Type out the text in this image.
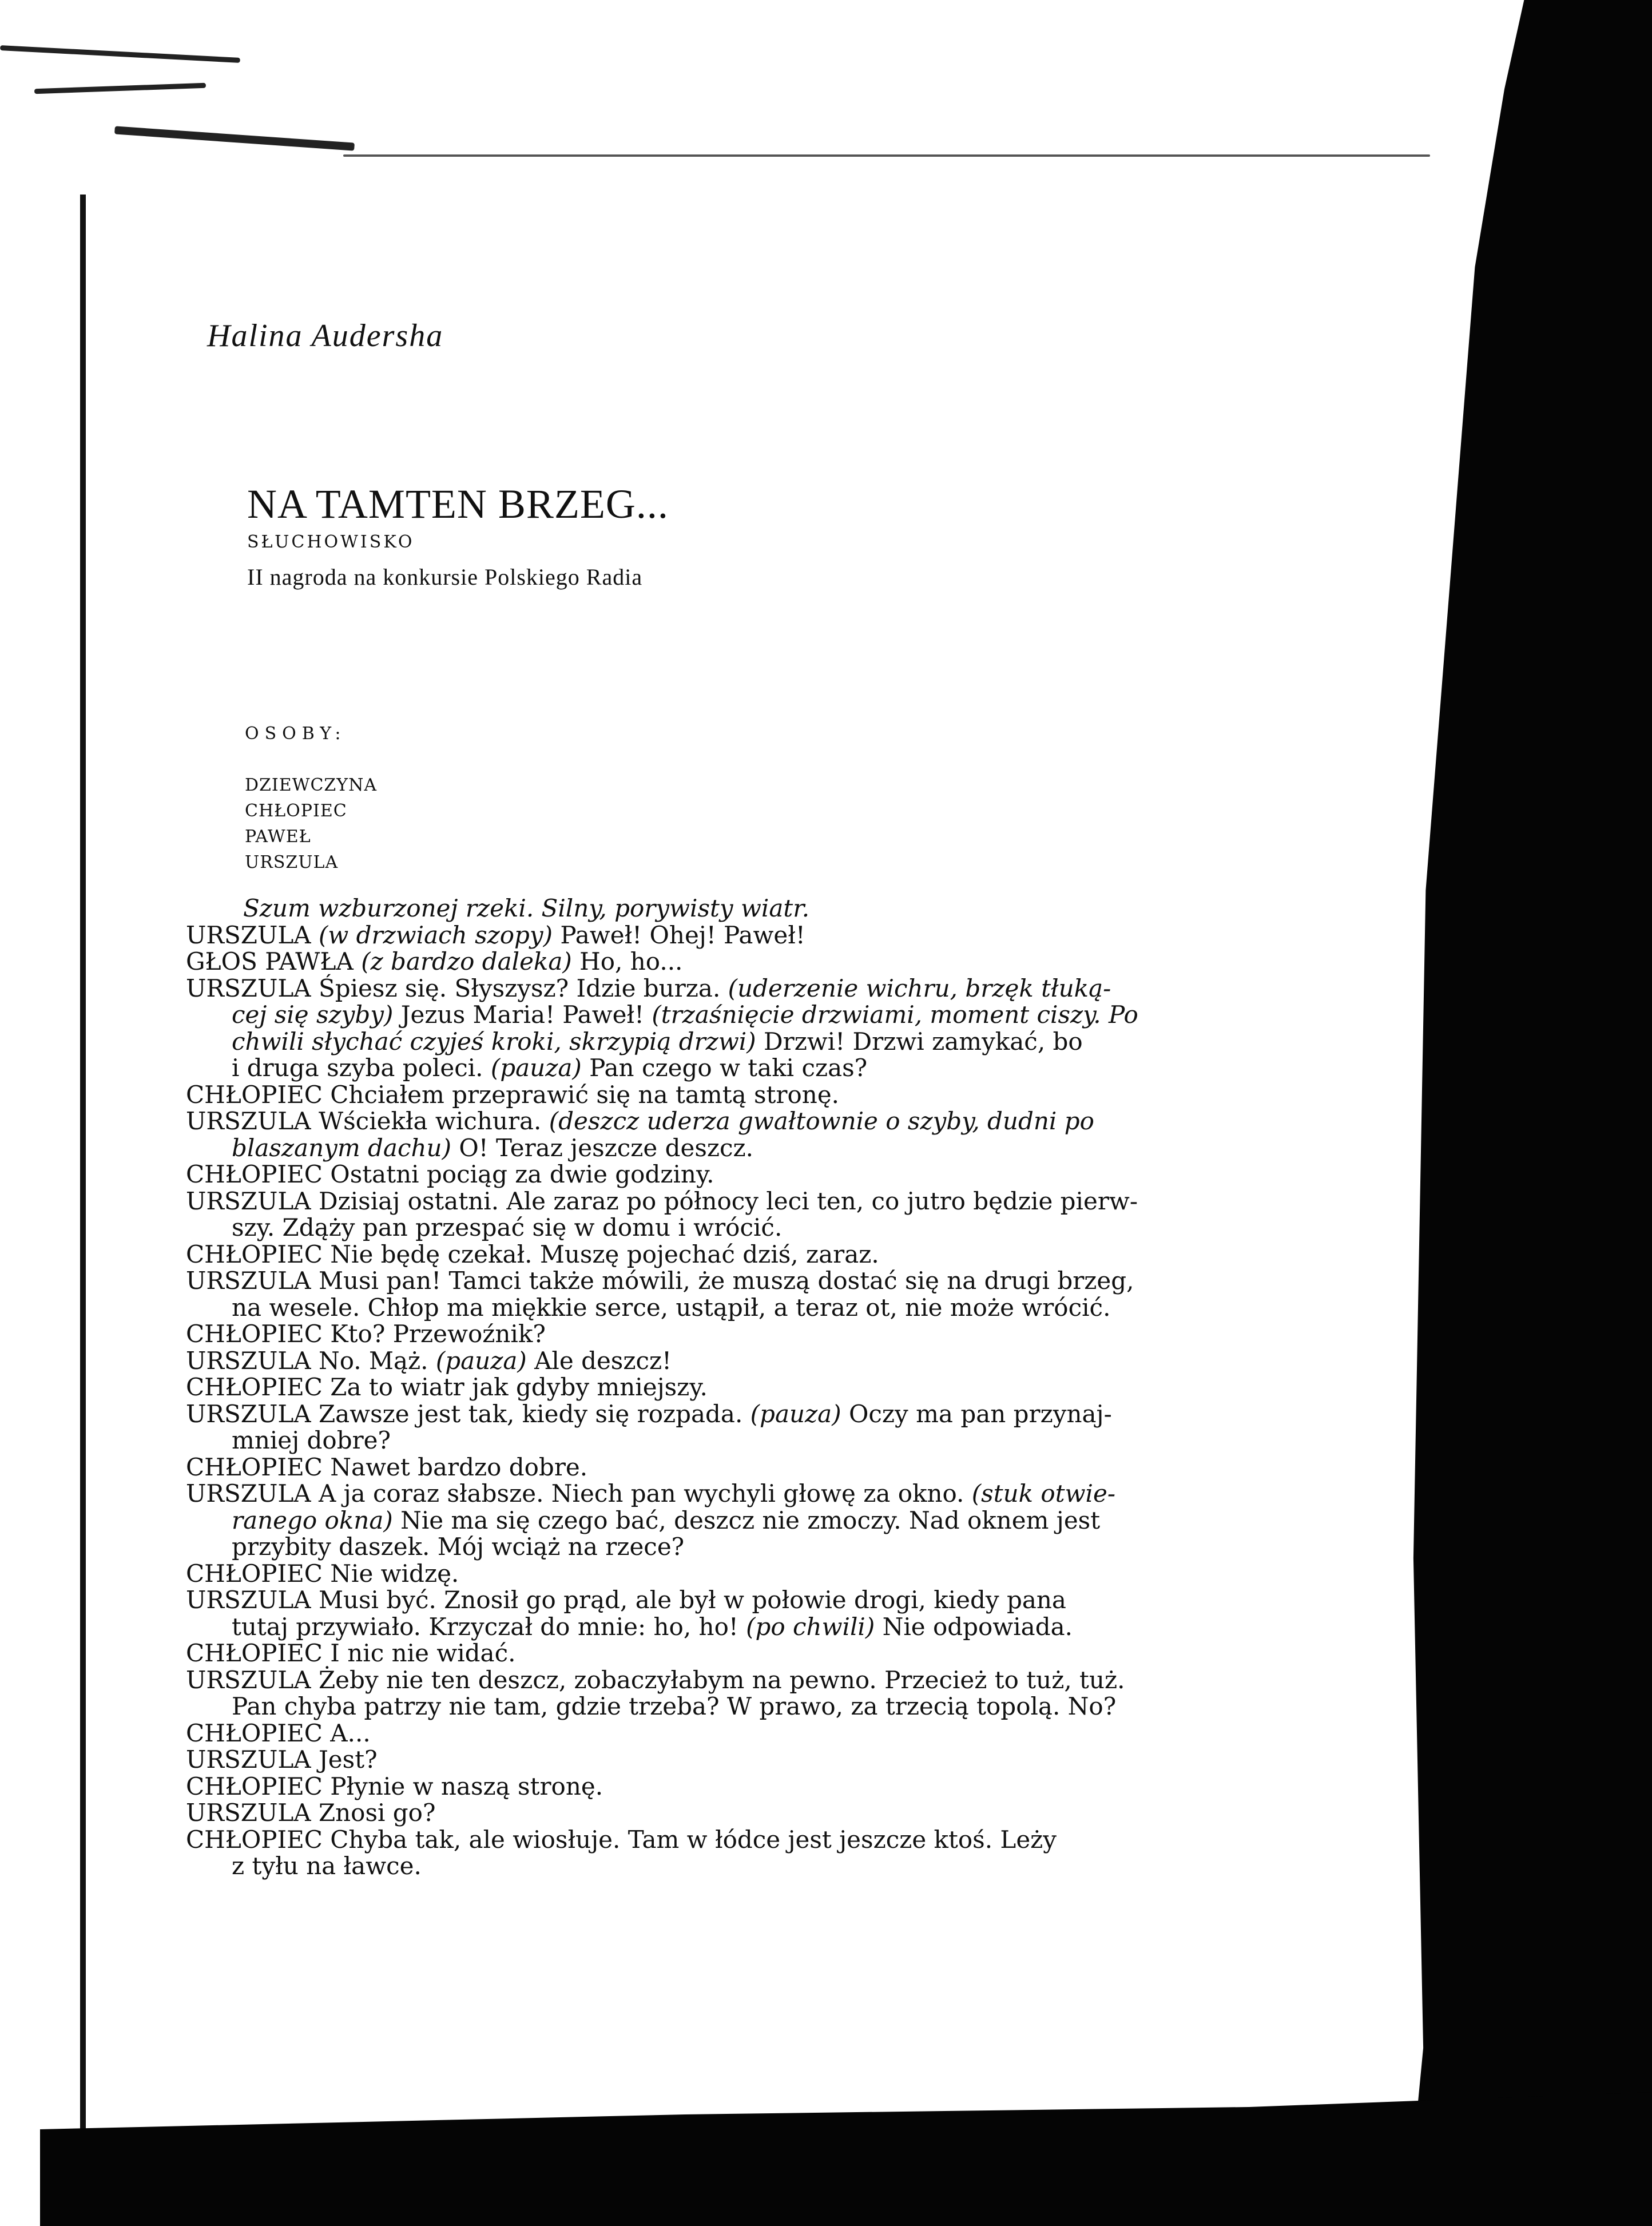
Halina Audersha
NA TAMTEN BRZEG...
SŁUCHOWISKO
II nagroda na konkursie Polskiego Radia
OSOBY:
DZIEWCZYNA
CHŁOPIEC
PAWEŁ
URSZULA
Szum wzburzonej rzeki. Silny, porywisty wiatr.
URSZULA (w drzwiach szopy) Paweł! Ohej! Paweł!
GŁOS PAWŁA (z bardzo daleka) Ho, ho...
URSZULA Śpiesz się. Słyszysz? Idzie burza. (uderzenie wichru, brzęk tłuką-
cej się szyby) Jezus Maria! Paweł! (trzaśnięcie drzwiami, moment ciszy. Po
chwili słychać czyjeś kroki, skrzypią drzwi) Drzwi! Drzwi zamykać, bo
i druga szyba poleci. (pauza) Pan czego w taki czas?
CHŁOPIEC Chciałem przeprawić się na tamtą stronę.
URSZULA Wściekła wichura. (deszcz uderza gwałtownie o szyby, dudni po
blaszanym dachu) O! Teraz jeszcze deszcz.
CHŁOPIEC Ostatni pociąg za dwie godziny.
URSZULA Dzisiaj ostatni. Ale zaraz po północy leci ten, co jutro będzie pierw-
szy. Zdąży pan przespać się w domu i wrócić.
CHŁOPIEC Nie będę czekał. Muszę pojechać dziś, zaraz.
URSZULA Musi pan! Tamci także mówili, że muszą dostać się na drugi brzeg,
na wesele. Chłop ma miękkie serce, ustąpił, a teraz ot, nie może wrócić.
CHŁOPIEC Kto? Przewoźnik?
URSZULA No. Mąż. (pauza) Ale deszcz!
CHŁOPIEC Za to wiatr jak gdyby mniejszy.
URSZULA Zawsze jest tak, kiedy się rozpada. (pauza) Oczy ma pan przynaj-
mniej dobre?
CHŁOPIEC Nawet bardzo dobre.
URSZULA A ja coraz słabsze. Niech pan wychyli głowę za okno. (stuk otwie-
ranego okna) Nie ma się czego bać, deszcz nie zmoczy. Nad oknem jest
przybity daszek. Mój wciąż na rzece?
CHŁOPIEC Nie widzę.
URSZULA Musi być. Znosił go prąd, ale był w połowie drogi, kiedy pana
tutaj przywiało. Krzyczał do mnie: ho, ho! (po chwili) Nie odpowiada.
CHŁOPIEC I nic nie widać.
URSZULA Żeby nie ten deszcz, zobaczyłabym na pewno. Przecież to tuż, tuż.
Pan chyba patrzy nie tam, gdzie trzeba? W prawo, za trzecią topolą. No?
CHŁOPIEC A...
URSZULA Jest?
CHŁOPIEC Płynie w naszą stronę.
URSZULA Znosi go?
CHŁOPIEC Chyba tak, ale wiosłuje. Tam w łódce jest jeszcze ktoś. Leży
z tyłu na ławce.
